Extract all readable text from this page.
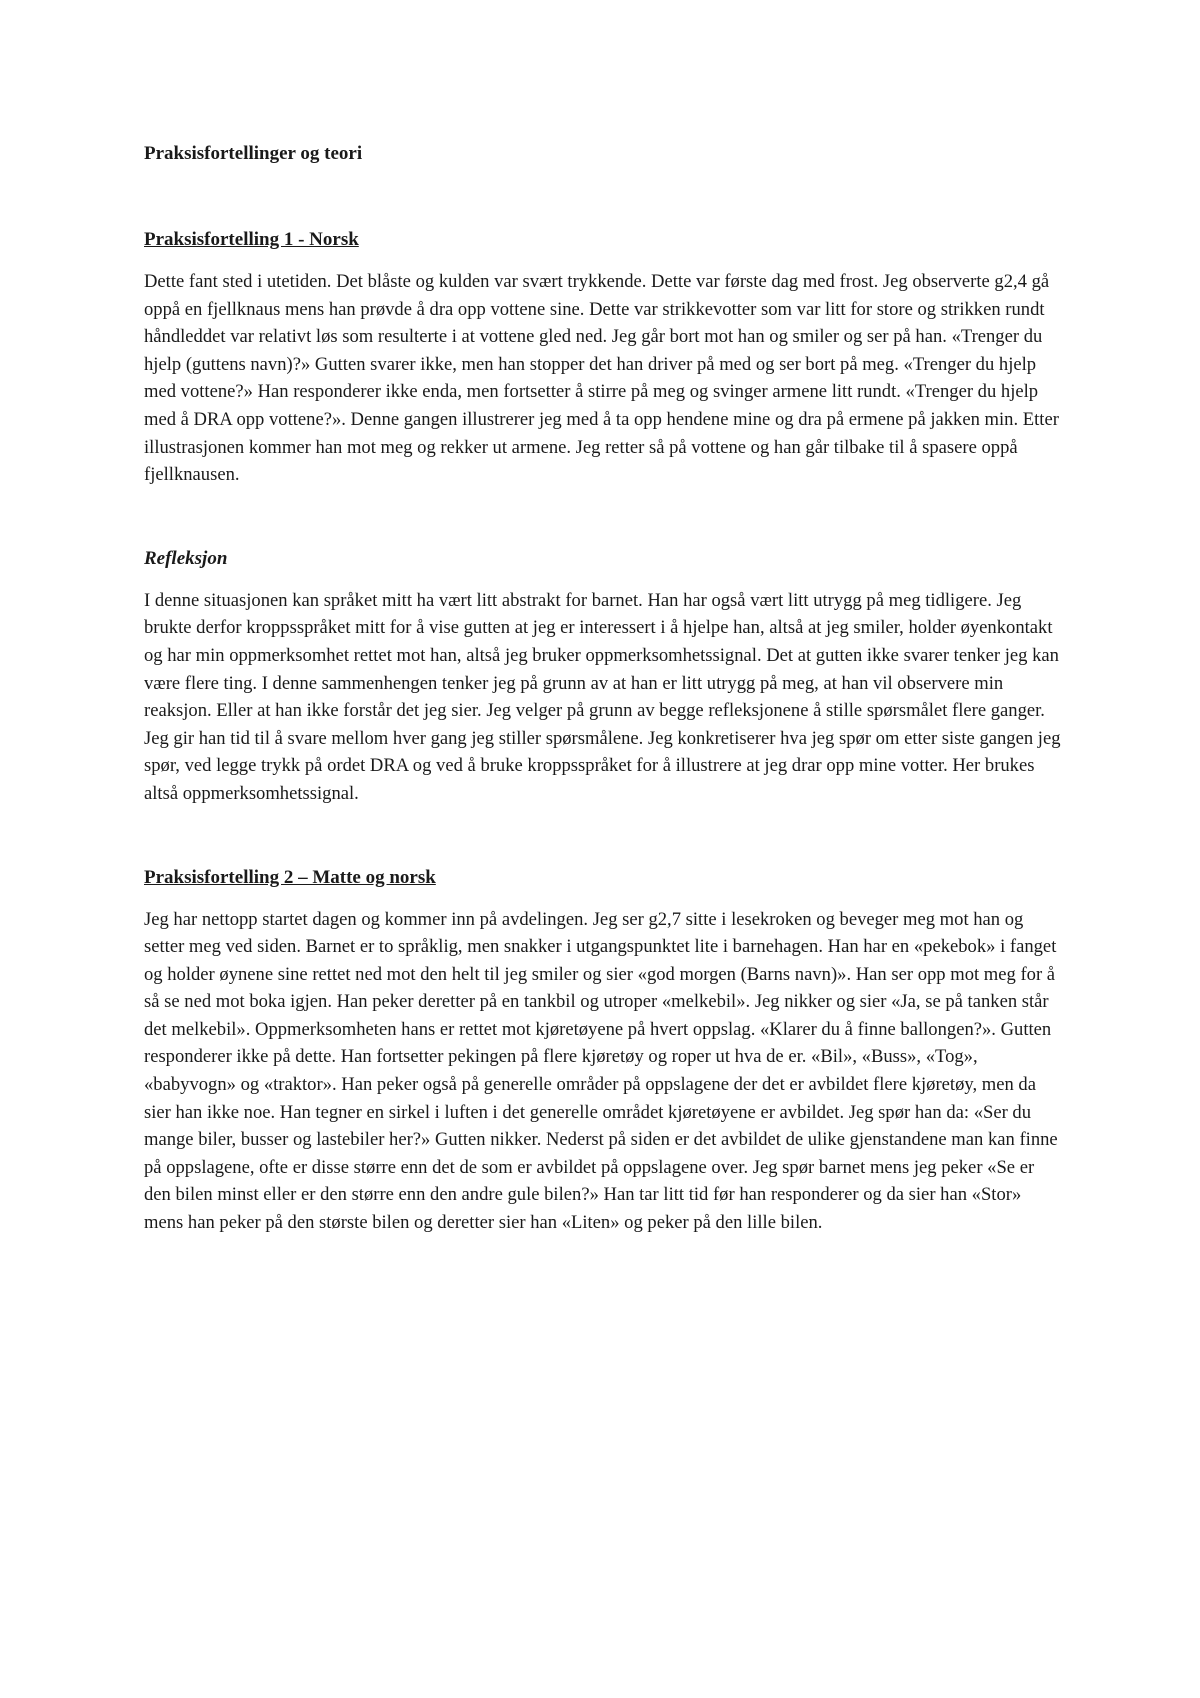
Praksisfortellinger og teori
Praksisfortelling 1 - Norsk

Dette fant sted i utetiden. Det blåste og kulden var svært trykkende. Dette var første dag med frost. Jeg observerte g2,4 gå oppå en fjellknaus mens han prøvde å dra opp vottene sine. Dette var strikkevotter som var litt for store og strikken rundt håndleddet var relativt løs som resulterte i at vottene gled ned. Jeg går bort mot han og smiler og ser på han. «Trenger du hjelp (guttens navn)?» Gutten svarer ikke, men han stopper det han driver på med og ser bort på meg. «Trenger du hjelp med vottene?» Han responderer ikke enda, men fortsetter å stirre på meg og svinger armene litt rundt. «Trenger du hjelp med å DRA opp vottene?». Denne gangen illustrerer jeg med å ta opp hendene mine og dra på ermene på jakken min. Etter illustrasjonen kommer han mot meg og rekker ut armene. Jeg retter så på vottene og han går tilbake til å spasere oppå fjellknausen.

Refleksjon

I denne situasjonen kan språket mitt ha vært litt abstrakt for barnet. Han har også vært litt utrygg på meg tidligere. Jeg brukte derfor kroppsspråket mitt for å vise gutten at jeg er interessert i å hjelpe han, altså at jeg smiler, holder øyenkontakt og har min oppmerksomhet rettet mot han, altså jeg bruker oppmerksomhetssignal. Det at gutten ikke svarer tenker jeg kan være flere ting. I denne sammenhengen tenker jeg på grunn av at han er litt utrygg på meg, at han vil observere min reaksjon. Eller at han ikke forstår det jeg sier. Jeg velger på grunn av begge refleksjonene å stille spørsmålet flere ganger. Jeg gir han tid til å svare mellom hver gang jeg stiller spørsmålene. Jeg konkretiserer hva jeg spør om etter siste gangen jeg spør, ved legge trykk på ordet DRA og ved å bruke kroppsspråket for å illustrere at jeg drar opp mine votter. Her brukes altså oppmerksomhetssignal.

Praksisfortelling 2 – Matte og norsk

Jeg har nettopp startet dagen og kommer inn på avdelingen. Jeg ser g2,7 sitte i lesekroken og beveger meg mot han og setter meg ved siden. Barnet er to språklig, men snakker i utgangspunktet lite i barnehagen. Han har en «pekebok» i fanget og holder øynene sine rettet ned mot den helt til jeg smiler og sier «god morgen (Barns navn)». Han ser opp mot meg for å så se ned mot boka igjen. Han peker deretter på en tankbil og utroper «melkebil». Jeg nikker og sier «Ja, se på tanken står det melkebil». Oppmerksomheten hans er rettet mot kjøretøyene på hvert oppslag. «Klarer du å finne ballongen?». Gutten responderer ikke på dette. Han fortsetter pekingen på flere kjøretøy og roper ut hva de er. «Bil», «Buss», «Tog», «babyvogn» og «traktor». Han peker også på generelle områder på oppslagene der det er avbildet flere kjøretøy, men da sier han ikke noe. Han tegner en sirkel i luften i det generelle området kjøretøyene er avbildet. Jeg spør han da: «Ser du mange biler, busser og lastebiler her?» Gutten nikker. Nederst på siden er det avbildet de ulike gjenstandene man kan finne på oppslagene, ofte er disse større enn det de som er avbildet på oppslagene over. Jeg spør barnet mens jeg peker «Se er den bilen minst eller er den større enn den andre gule bilen?» Han tar litt tid før han responderer og da sier han «Stor» mens han peker på den største bilen og deretter sier han «Liten» og peker på den lille bilen.
